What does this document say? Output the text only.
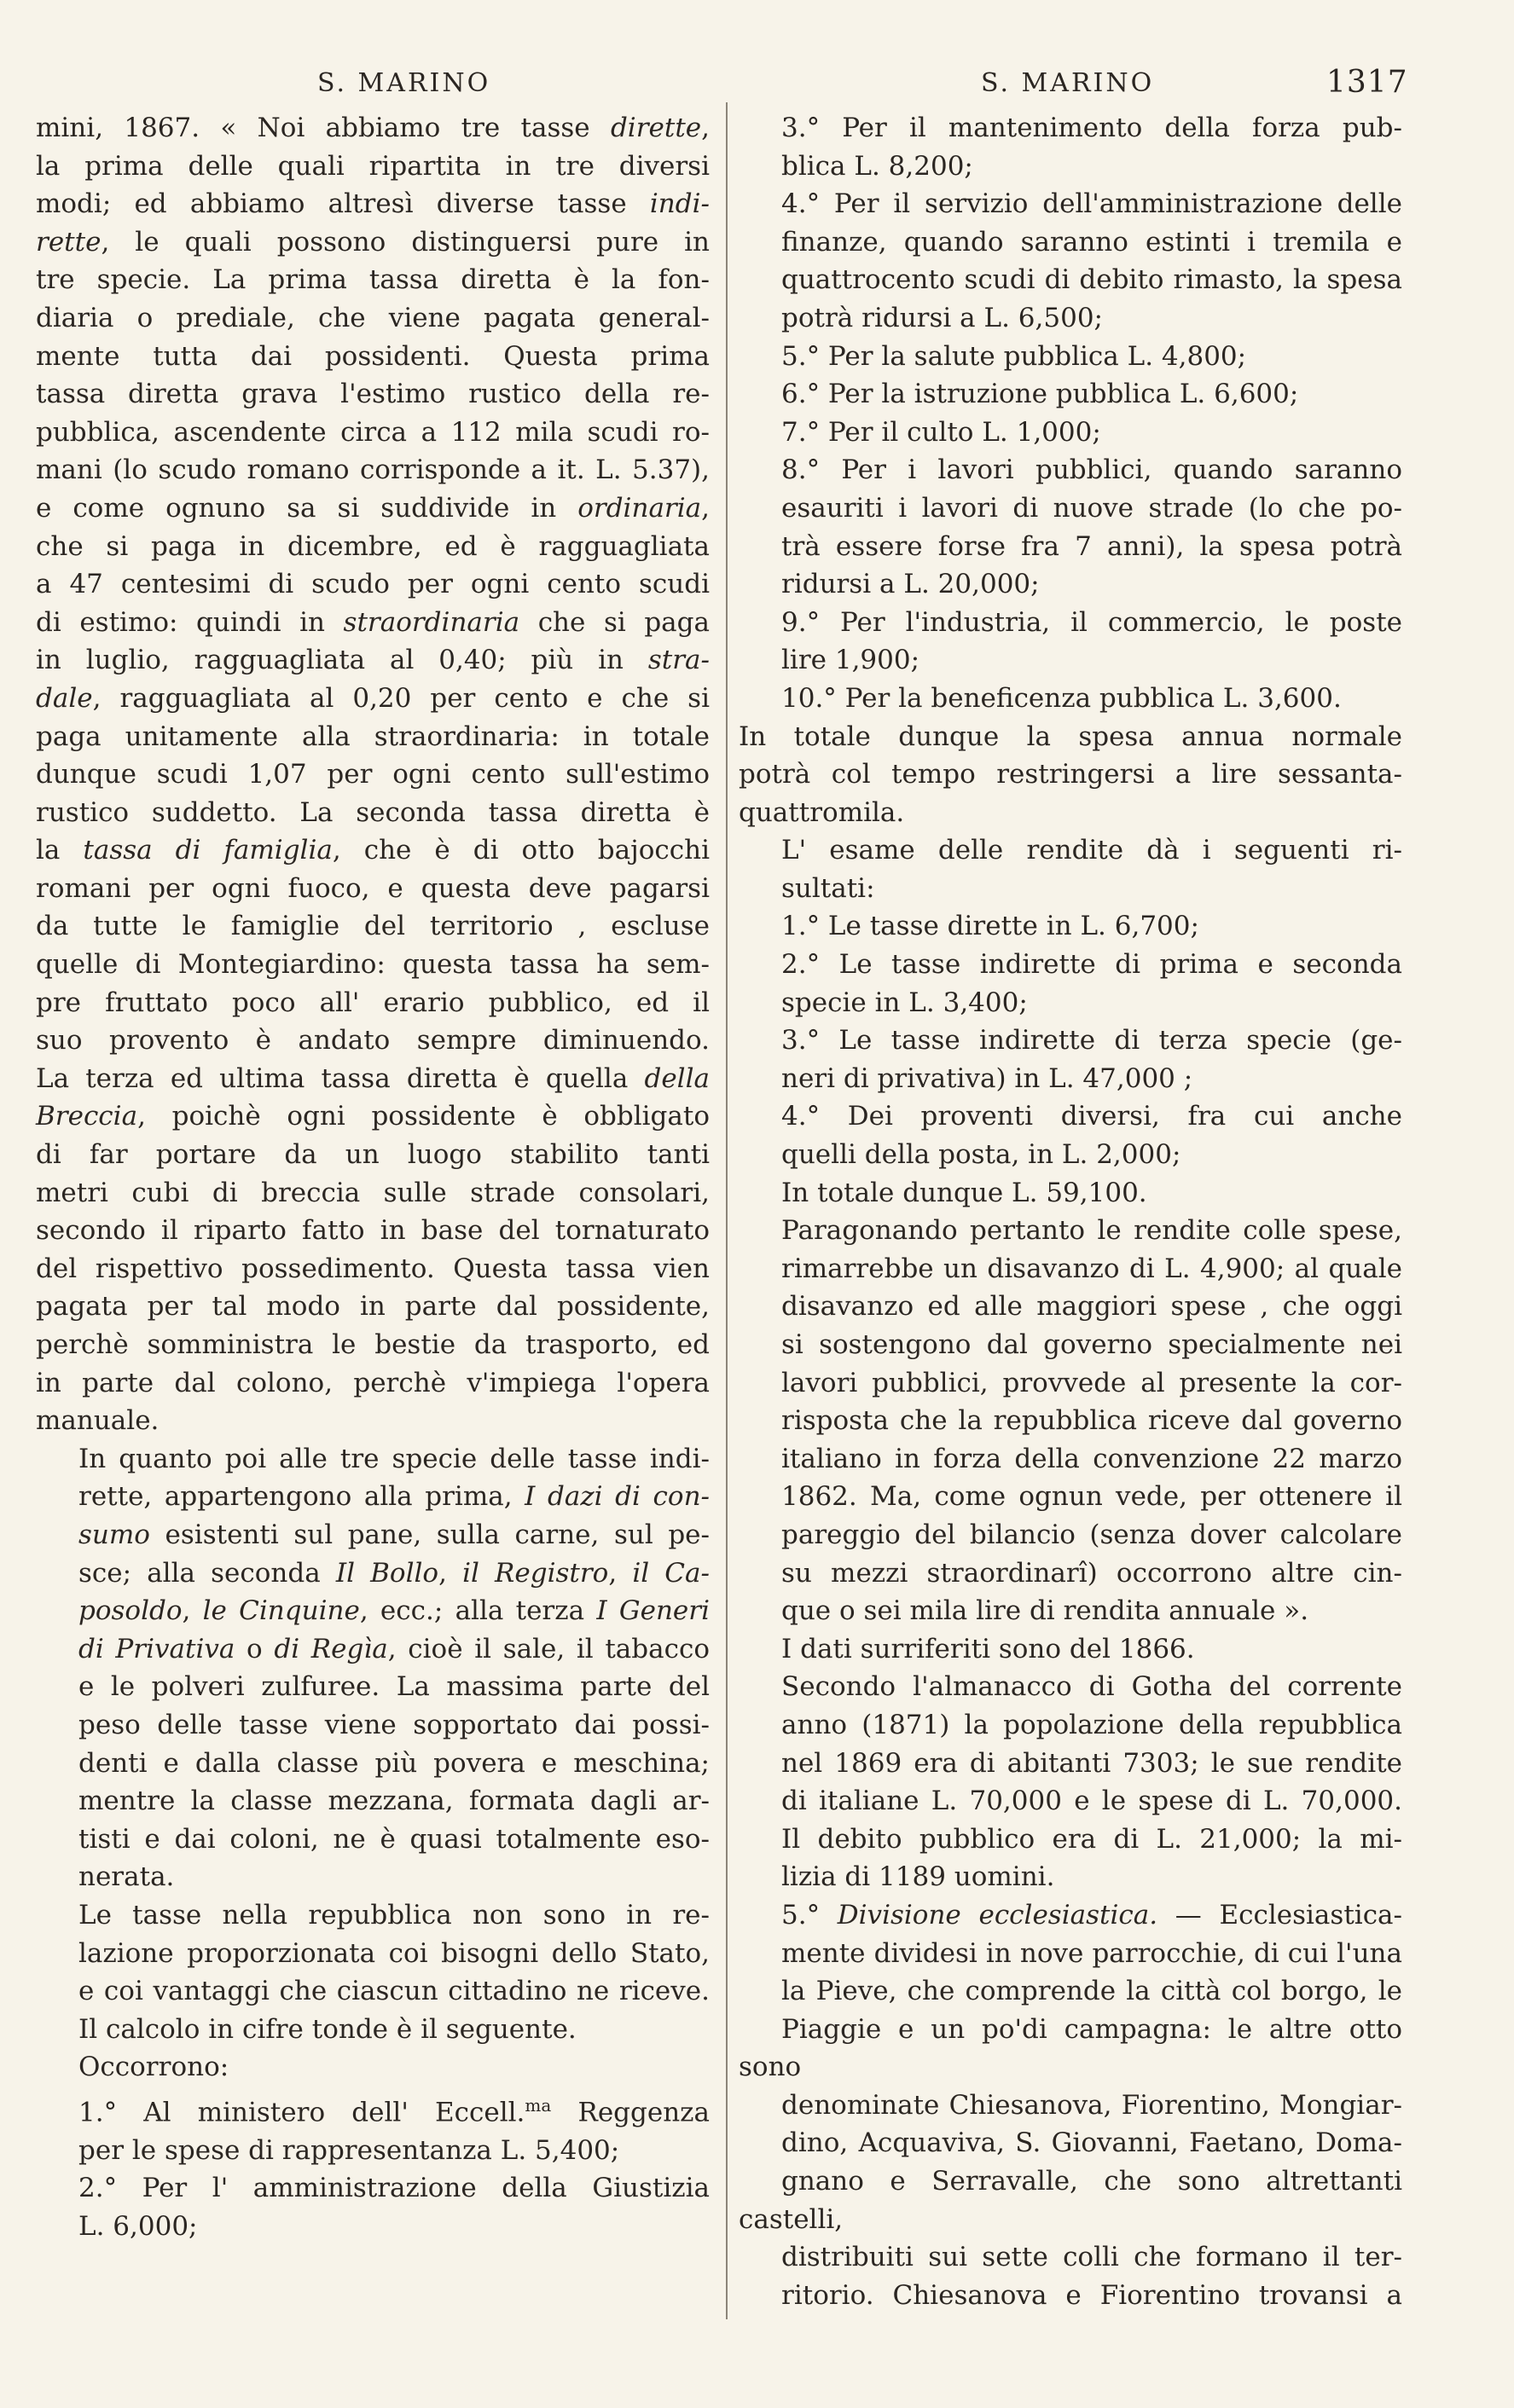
S. MARINO	S. MARINO	1317

mini, 1867. « Noi abbiamo tre tasse dirette,
la prima delle quali ripartita in tre diversi
modi; ed abbiamo altresì diverse tasse indi-
rette, le quali possono distinguersi pure in
tre specie. La prima tassa diretta è la fon-
diaria o prediale, che viene pagata general-
mente tutta dai possidenti. Questa prima
tassa diretta grava l'estimo rustico della re-
pubblica, ascendente circa a 112 mila scudi ro-
mani (lo scudo romano corrisponde a it. L. 5.37),
e come ognuno sa si suddivide in ordinaria,
che si paga in dicembre, ed è ragguagliata
a 47 centesimi di scudo per ogni cento scudi
di estimo: quindi in straordinaria che si paga
in luglio, ragguagliata al 0,40; più in stra-
dale, ragguagliata al 0,20 per cento e che si
paga unitamente alla straordinaria: in totale
dunque scudi 1,07 per ogni cento sull'estimo
rustico suddetto. La seconda tassa diretta è
la tassa di famiglia, che è di otto bajocchi
romani per ogni fuoco, e questa deve pagarsi
da tutte le famiglie del territorio , escluse
quelle di Montegiardino: questa tassa ha sem-
pre fruttato poco all' erario pubblico, ed il
suo provento è andato sempre diminuendo.
La terza ed ultima tassa diretta è quella della
Breccia, poichè ogni possidente è obbligato
di far portare da un luogo stabilito tanti
metri cubi di breccia sulle strade consolari,
secondo il riparto fatto in base del tornaturato
del rispettivo possedimento. Questa tassa vien
pagata per tal modo in parte dal possidente,
perchè somministra le bestie da trasporto, ed
in parte dal colono, perchè v'impiega l'opera
manuale.

In quanto poi alle tre specie delle tasse indi-
rette, appartengono alla prima, I dazi di con-
sumo esistenti sul pane, sulla carne, sul pe-
sce; alla seconda Il Bollo, il Registro, il Ca-
posoldo, le Cinquine, ecc.; alla terza I Generi
di Privativa o di Regìa, cioè il sale, il tabacco
e le polveri zulfuree. La massima parte del
peso delle tasse viene sopportato dai possi-
denti e dalla classe più povera e meschina;
mentre la classe mezzana, formata dagli ar-
tisti e dai coloni, ne è quasi totalmente eso-
nerata.

Le tasse nella repubblica non sono in re-
lazione proporzionata coi bisogni dello Stato,
e coi vantaggi che ciascun cittadino ne riceve.

Il calcolo in cifre tonde è il seguente.

Occorrono:

1.° Al ministero dell' Eccell.$^{ma}$ Reggenza
per le spese di rappresentanza L. 5,400;

2.° Per l' amministrazione della Giustizia
L. 6,000;

3.° Per il mantenimento della forza pub-
blica L. 8,200;

4.° Per il servizio dell'amministrazione delle
finanze, quando saranno estinti i tremila e
quattrocento scudi di debito rimasto, la spesa
potrà ridursi a L. 6,500;

5.° Per la salute pubblica L. 4,800;

6.° Per la istruzione pubblica L. 6,600;

7.° Per il culto L. 1,000;

8.° Per i lavori pubblici, quando saranno
esauriti i lavori di nuove strade (lo che po-
trà essere forse fra 7 anni), la spesa potrà
ridursi a L. 20,000;

9.° Per l'industria, il commercio, le poste
lire 1,900;

10.° Per la beneficenza pubblica L. 3,600.

In totale dunque la spesa annua normale
potrà col tempo restringersi a lire sessanta-
quattromila.

L' esame delle rendite dà i seguenti ri-
sultati:

1.° Le tasse dirette in L. 6,700;

2.° Le tasse indirette di prima e seconda
specie in L. 3,400;

3.° Le tasse indirette di terza specie (ge-
neri di privativa) in L. 47,000 ;

4.° Dei proventi diversi, fra cui anche
quelli della posta, in L. 2,000;

In totale dunque L. 59,100.

Paragonando pertanto le rendite colle spese,
rimarrebbe un disavanzo di L. 4,900; al quale
disavanzo ed alle maggiori spese , che oggi
si sostengono dal governo specialmente nei
lavori pubblici, provvede al presente la cor-
risposta che la repubblica riceve dal governo
italiano in forza della convenzione 22 marzo
1862. Ma, come ognun vede, per ottenere il
pareggio del bilancio (senza dover calcolare
su mezzi straordinarî) occorrono altre cin-
que o sei mila lire di rendita annuale ».

I dati surriferiti sono del 1866.

Secondo l'almanacco di Gotha del corrente
anno (1871) la popolazione della repubblica
nel 1869 era di abitanti 7303; le sue rendite
di italiane L. 70,000 e le spese di L. 70,000.
Il debito pubblico era di L. 21,000; la mi-
lizia di 1189 uomini.

5.° Divisione ecclesiastica. — Ecclesiastica-
mente dividesi in nove parrocchie, di cui l'una
la Pieve, che comprende la città col borgo, le
Piaggie e un po'di campagna: le altre otto sono
denominate Chiesanova, Fiorentino, Mongiar-
dino, Acquaviva, S. Giovanni, Faetano, Doma-
gnano e Serravalle, che sono altrettanti castelli,
distribuiti sui sette colli che formano il ter-
ritorio. Chiesanova e Fiorentino trovansi a
